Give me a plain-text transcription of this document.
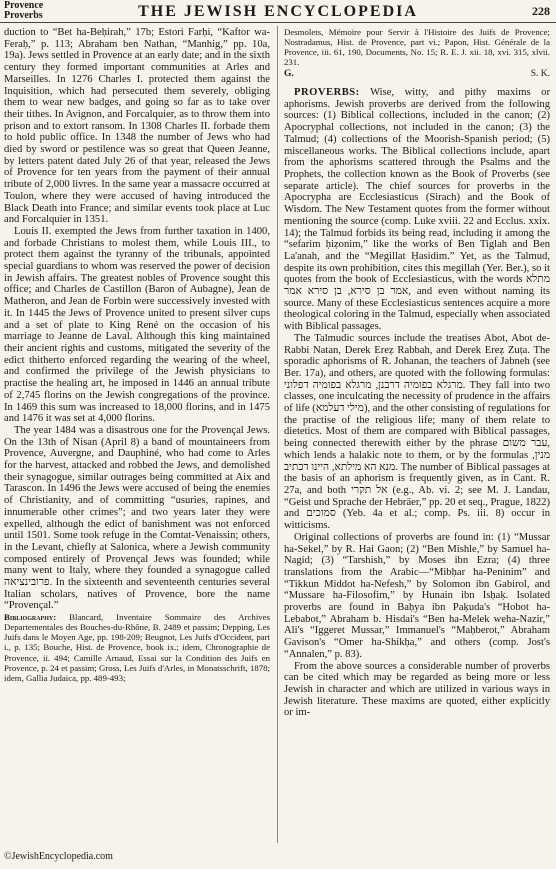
Provence
Proverbs	THE JEWISH ENCYCLOPEDIA	228

duction to “Bet ha-Beḥirah,” 17b; Estori Farḥi, “Kaftor wa-Feraḥ,” p. 113; Abraham ben Nathan, “Manhig,” pp. 10a, 19a). Jews settled in Provence at an early date; and in the sixth century they formed important communities at Arles and Marseilles. In 1276 Charles I. protected them against the Inquisition, which had persecuted them severely, obliging them to wear new badges, and going so far as to take over their tithes. In Avignon, and Forcalquier, as to throw them into prison and to extort ransom. In 1308 Charles II. forbade them to hold public office. In 1348 the number of Jews who had died by sword or pestilence was so great that Queen Jeanne, by letters patent dated July 26 of that year, released the Jews of Provence for ten years from the payment of their annual tribute of 2,000 livres. In the same year a massacre occurred at Toulon, where they were accused of having introduced the Black Death into France; and similar events took place at Luc and Forcalquier in 1351.

Louis II. exempted the Jews from further taxation in 1400, and forbade Christians to molest them, while Louis III., to protect them against the tyranny of the tribunals, appointed special guardians to whom was reserved the power of decision in Jewish affairs. The greatest nobles of Provence sought this office; and Charles de Castillon (Baron of Aubagne), Jean de Matheron, and Jean de Forbin were successively invested with it. In 1445 the Jews of Provence united to present silver cups and a set of plate to King René on the occasion of his marriage to Jeanne de Laval. Although this king maintained their ancient rights and customs, mitigated the severity of the edict thitherto enforced regarding the wearing of the wheel, and confirmed the privilege of the Jewish physicians to practise the healing art, he imposed in 1446 an annual tribute of 2,745 florins on the Jewish congregations of the province. In 1469 this sum was increased to 18,000 florins, and in 1475 and 1476 it was set at 4,000 florins.

The year 1484 was a disastrous one for the Provençal Jews. On the 13th of Nisan (April 8) a band of mountaineers from Provence, Auvergne, and Dauphiné, who had come to Arles for the harvest, attacked and robbed the Jews, and demolished their synagogue, similar outrages being committed at Aix and Tarascon. In 1496 the Jews were accused of being the enemies of Christianity, and of committing “usuries, rapines, and innumerable other crimes”; and two years later they were expelled, although the edict of banishment was not enforced until 1501. Some took refuge in the Comtat-Venaissin; others, in the Levant, chiefly at Salonica, where a Jewish community composed entirely of Provençal Jews was founded; while many went to Italy, where they founded a synagogue called פרובינציאה. In the sixteenth and seventeenth centuries several Italian scholars, natives of Provence, bore the name “Provençal.”

Bibliography: Blancard, Inventaire Sommaire des Archives Departementales des Bouches-du-Rhône, B. 2489 et passim; Depping, Les Juifs dans le Moyen Age, pp. 198-209; Beugnot, Les Juifs d'Occident, part i., p. 135; Bouche, Hist. de Provence, book ix.; idem, Chronographie de Provence, ii. 494; Camille Arnaud, Essai sur la Condition des Juifs en Provence, p. 24 et passim; Gross, Les Juifs d'Arles, in Monatsschrift, 1878; idem, Gallia Judaica, pp. 489-493;

Desmolets, Mémoire pour Servir à l'Histoire des Juifs de Provence; Nostradamus, Hist. de Provence, part vi.; Papon, Hist. Générale de la Provence, iii. 61, 190, Documents, No. 15; R. E. J. xii. 18, xvi. 315, xlvii. 231.

G.	S. K.

PROVERBS: Wise, witty, and pithy maxims or aphorisms. Jewish proverbs are derived from the following sources: (1) Biblical collections, included in the canon; (2) Apocryphal collections, not included in the canon; (3) the Talmud; (4) collections of the Moorish-Spanish period; (5) miscellaneous works. The Biblical collections include, apart from the aphorisms scattered through the Psalms and the Prophets, the collection known as the Book of Proverbs (see separate article). The chief sources for proverbs in the Apocrypha are Ecclesiasticus (Sirach) and the Book of Wisdom. The New Testament quotes from the former without mentioning the source (comp. Luke xviii. 22 and Ecclus. xxix. 14); the Talmud forbids its being read, including it among the “sefarim ḥiẓonim,” like the works of Ben Tiglah and Ben La'anah, and the “Megillat Ḥasidim.” Yet, as the Talmud, despite its own prohibition, cites this megillah (Yer. Ber.), so it quotes from the book of Ecclesiasticus, with the words מתלא אמר בן סירא, בן סירא אמר, and even without naming its source. Many of these Ecclesiasticus sentences acquire a more theological coloring in the Talmud, especially when associated with Biblical passages.

The Talmudic sources include the treatises Abot, Abot de-Rabbi Natan, Derek Ereẓ Rabbah, and Derek Ereẓ Zuṭa. The sporadic aphorisms of R. Johanan, the teachers of Jabneh (see Ber. 17a), and others, are quoted with the following formulas: מרגלא בפומיה דרבנן, מרגלא בפומיה דפלוני. They fall into two classes, one inculcating the necessity of prudence in the affairs of life (מילי דעלמא), and the other consisting of regulations for the practise of the religious life; many of them relate to dietetics. Most of them are compared with Biblical passages, being connected therewith either by the phrase עבר משום, which lends a halakic note to them, or by the formulas מנין, מנא הא מילתא, היינו דכתיב. The number of Biblical passages at the basis of an aphorism is frequently given, as in Cant. R. 27a, and both אל תקרי (e.g., Ab. vi. 2; see M. J. Landau, “Geist und Sprache der Hebräer,” pp. 20 et seq., Prague, 1822) and סמוכים (Yeb. 4a et al.; comp. Ps. iii. 8) occur in witticisms.

Original collections of proverbs are found in: (1) “Mussar ha-Sekel,” by R. Hai Gaon; (2) “Ben Mishle,” by Samuel ha-Nagid; (3) “Tarshish,” by Moses ibn Ezra; (4) three translations from the Arabic—“Mibḥar ha-Peninim” and “Tikkun Middot ha-Nefesh,” by Solomon ibn Gabirol, and “Mussare ha-Filosofim,” by Hunain ibn Isḥaḳ. Isolated proverbs are found in Baḥya ibn Paḳuda's “Hobot ha-Lebabot,” Abraham b. Hisdai's “Ben ha-Melek weha-Nazir,” Ali's “Iggeret Mussar,” Immanuel's “Maḥberot,” Abraham Gavison's “Omer ha-Shikḥa,” and others (comp. Jost's “Annalen,” p. 83).

From the above sources a considerable number of proverbs can be cited which may be regarded as being more or less Jewish in character and which are utilized in various ways in Jewish literature. These maxims are quoted, either explicitly or im-

©JewishEncyclopedia.com
